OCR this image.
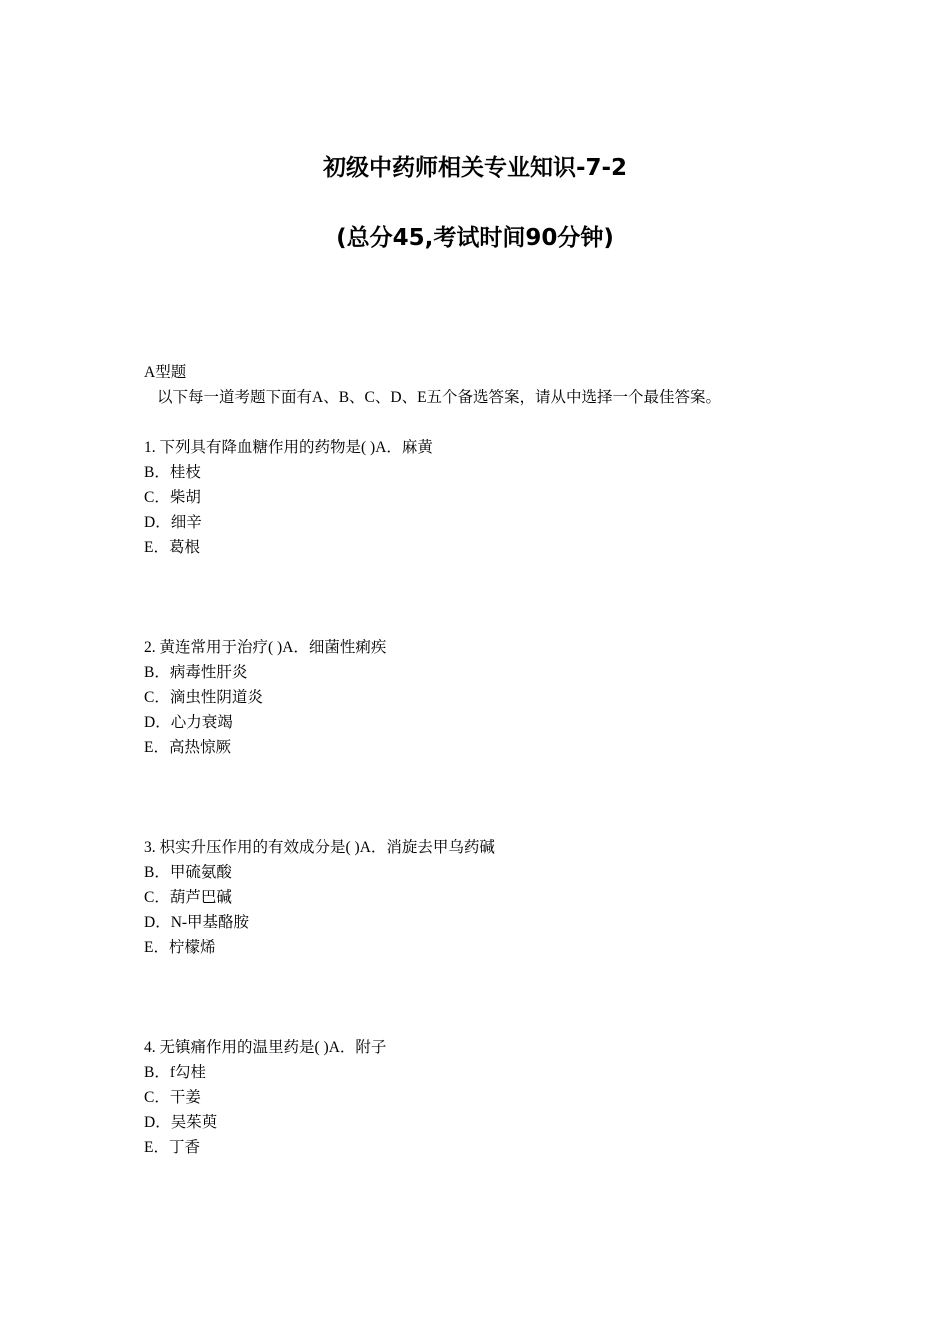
初级中药师相关专业知识-7-2
(总分45,考试时间90分钟)
A型题
以下每一道考题下面有A、B、C、D、E五个备选答案，请从中选择一个最佳答案。
1. 下列具有降血糖作用的药物是( )A．麻黄
B．桂枝
C．柴胡
D．细辛
E．葛根
2. 黄连常用于治疗( )A．细菌性痢疾
B．病毒性肝炎
C．滴虫性阴道炎
D．心力衰竭
E．高热惊厥
3. 枳实升压作用的有效成分是( )A．消旋去甲乌药碱
B．甲硫氨酸
C．葫芦巴碱
D．N-甲基酪胺
E．柠檬烯
4. 无镇痛作用的温里药是( )A．附子
B．f勾桂
C．干姜
D．吴茱萸
E．丁香
